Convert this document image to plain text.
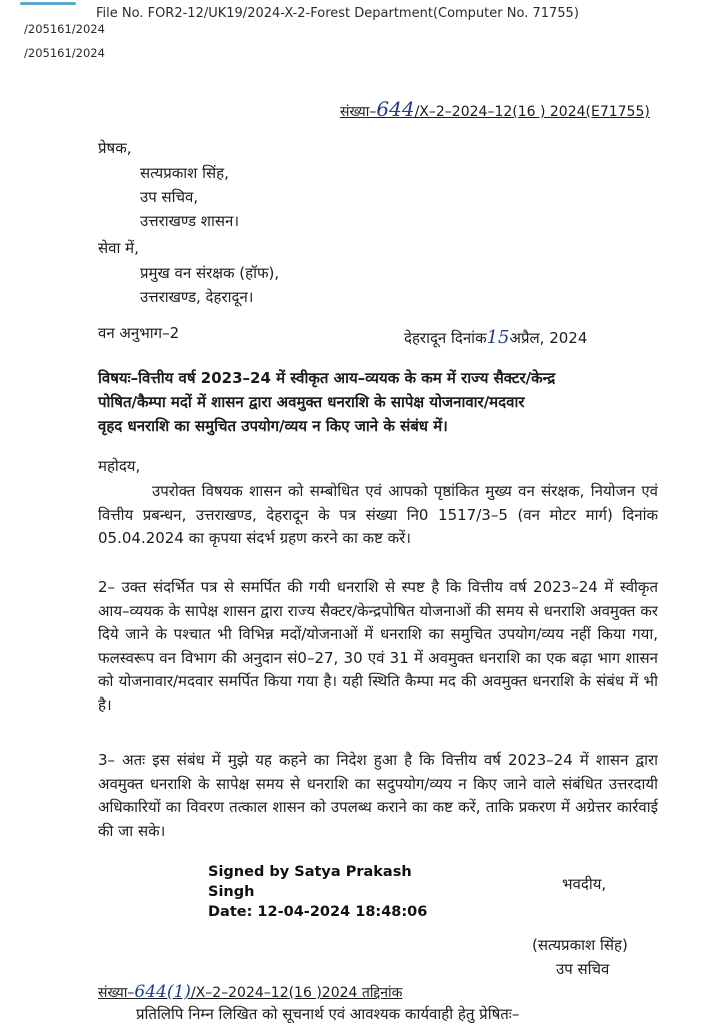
File No. FOR2-12/UK19/2024-X-2-Forest Department(Computer No. 71755)
/205161/2024
/205161/2024
संख्या–644/X–2–2024–12(16 ) 2024(E71755)
प्रेषक,
सत्यप्रकाश सिंह,
उप सचिव,
उत्तराखण्ड शासन।
सेवा में,
प्रमुख वन संरक्षक (हॉफ),
उत्तराखण्ड, देहरादून।
वन अनुभाग–2	देहरादून दिनांक15अप्रैल, 2024
विषयः–वित्तीय वर्ष 2023–24 में स्वीकृत आय–व्ययक के कम में राज्य सैक्टर/केन्द्र
पोषित/कैम्पा मदों में शासन द्वारा अवमुक्त धनराशि के सापेक्ष योजनावार/मदवार
वृहद धनराशि का समुचित उपयोग/व्यय न किए जाने के संबंध में।
महोदय,

उपरोक्त विषयक शासन को सम्बोधित एवं आपको पृष्ठांकित मुख्य वन संरक्षक, नियोजन एवं वित्तीय प्रबन्धन, उत्तराखण्ड, देहरादून के पत्र संख्या नि0 1517/3–5 (वन मोटर मार्ग) दिनांक 05.04.2024 का कृपया संदर्भ ग्रहण करने का कष्ट करें।

2– उक्त संदर्भित पत्र से समर्पित की गयी धनराशि से स्पष्ट है कि वित्तीय वर्ष 2023–24 में स्वीकृत आय–व्ययक के सापेक्ष शासन द्वारा राज्य सैक्टर/केन्द्रपोषित योजनाओं की समय से धनराशि अवमुक्त कर दिये जाने के पश्चात भी विभिन्न मदों/योजनाओं में धनराशि का समुचित उपयोग/व्यय नहीं किया गया, फलस्वरूप वन विभाग की अनुदान सं0–27, 30 एवं 31 में अवमुक्त धनराशि का एक बढ़ा भाग शासन को योजनावार/मदवार समर्पित किया गया है। यही स्थिति कैम्पा मद की अवमुक्त धनराशि के संबंध में भी है।

3– अतः इस संबंध में मुझे यह कहने का निदेश हुआ है कि वित्तीय वर्ष 2023–24 में शासन द्वारा अवमुक्त धनराशि के सापेक्ष समय से धनराशि का सदुपयोग/व्यय न किए जाने वाले संबंधित उत्तरदायी अधिकारियों का विवरण तत्काल शासन को उपलब्ध कराने का कष्ट करें, ताकि प्रकरण में अग्रेत्तर कार्रवाई की जा सके।

Signed by Satya Prakash
Singh
Date: 12-04-2024 18:48:06
भवदीय,
(सत्यप्रकाश सिंह)
उप सचिव
संख्या–644(1)/X–2–2024–12(16 )2024 तद्दिनांक
प्रतिलिपि निम्न लिखित को सूचनार्थ एवं आवश्यक कार्यवाही हेतु प्रेषितः–
